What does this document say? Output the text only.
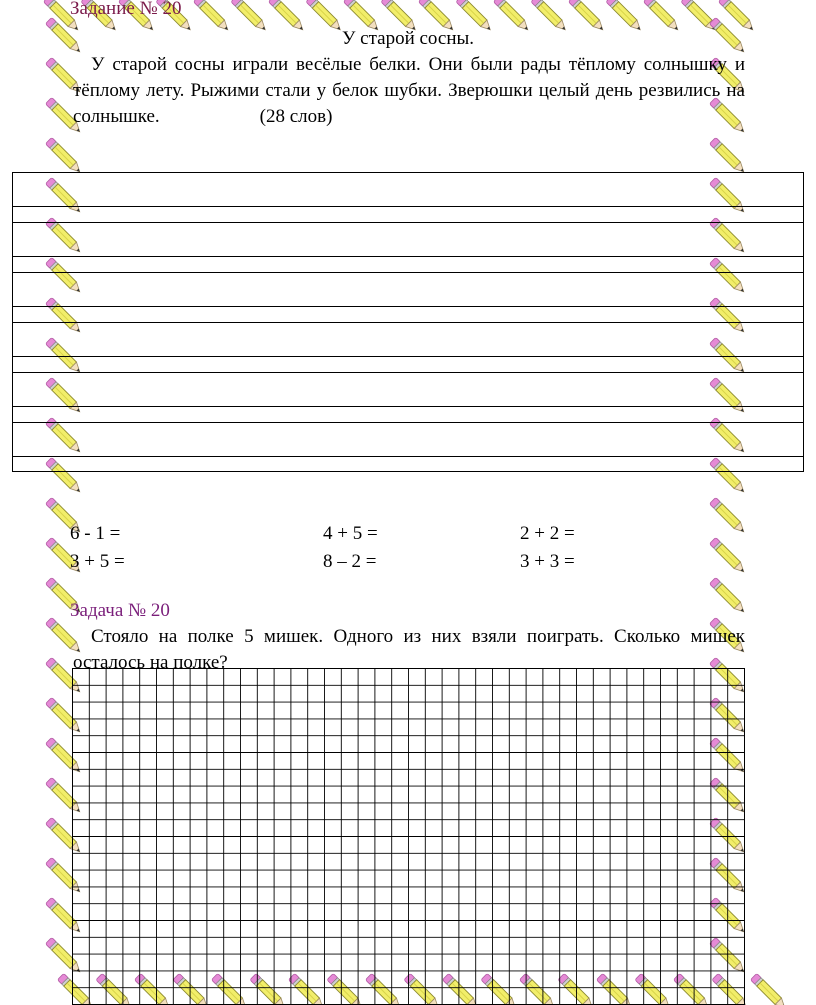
Задание № 20
У старой сосны.
У старой сосны играли весёлые белки. Они были рады тёплому солнышку и тёплому лету. Рыжими стали у белок шубки. Зверюшки целый день резвились на солнышке.	(28 слов)
6 - 1 =	4 + 5 =	2 + 2 =
3 + 5 =	8 – 2 =	3 + 3 =
Задача № 20
Стояло на полке 5 мишек. Одного из них взяли поиграть. Сколько мишек осталось на полке?
